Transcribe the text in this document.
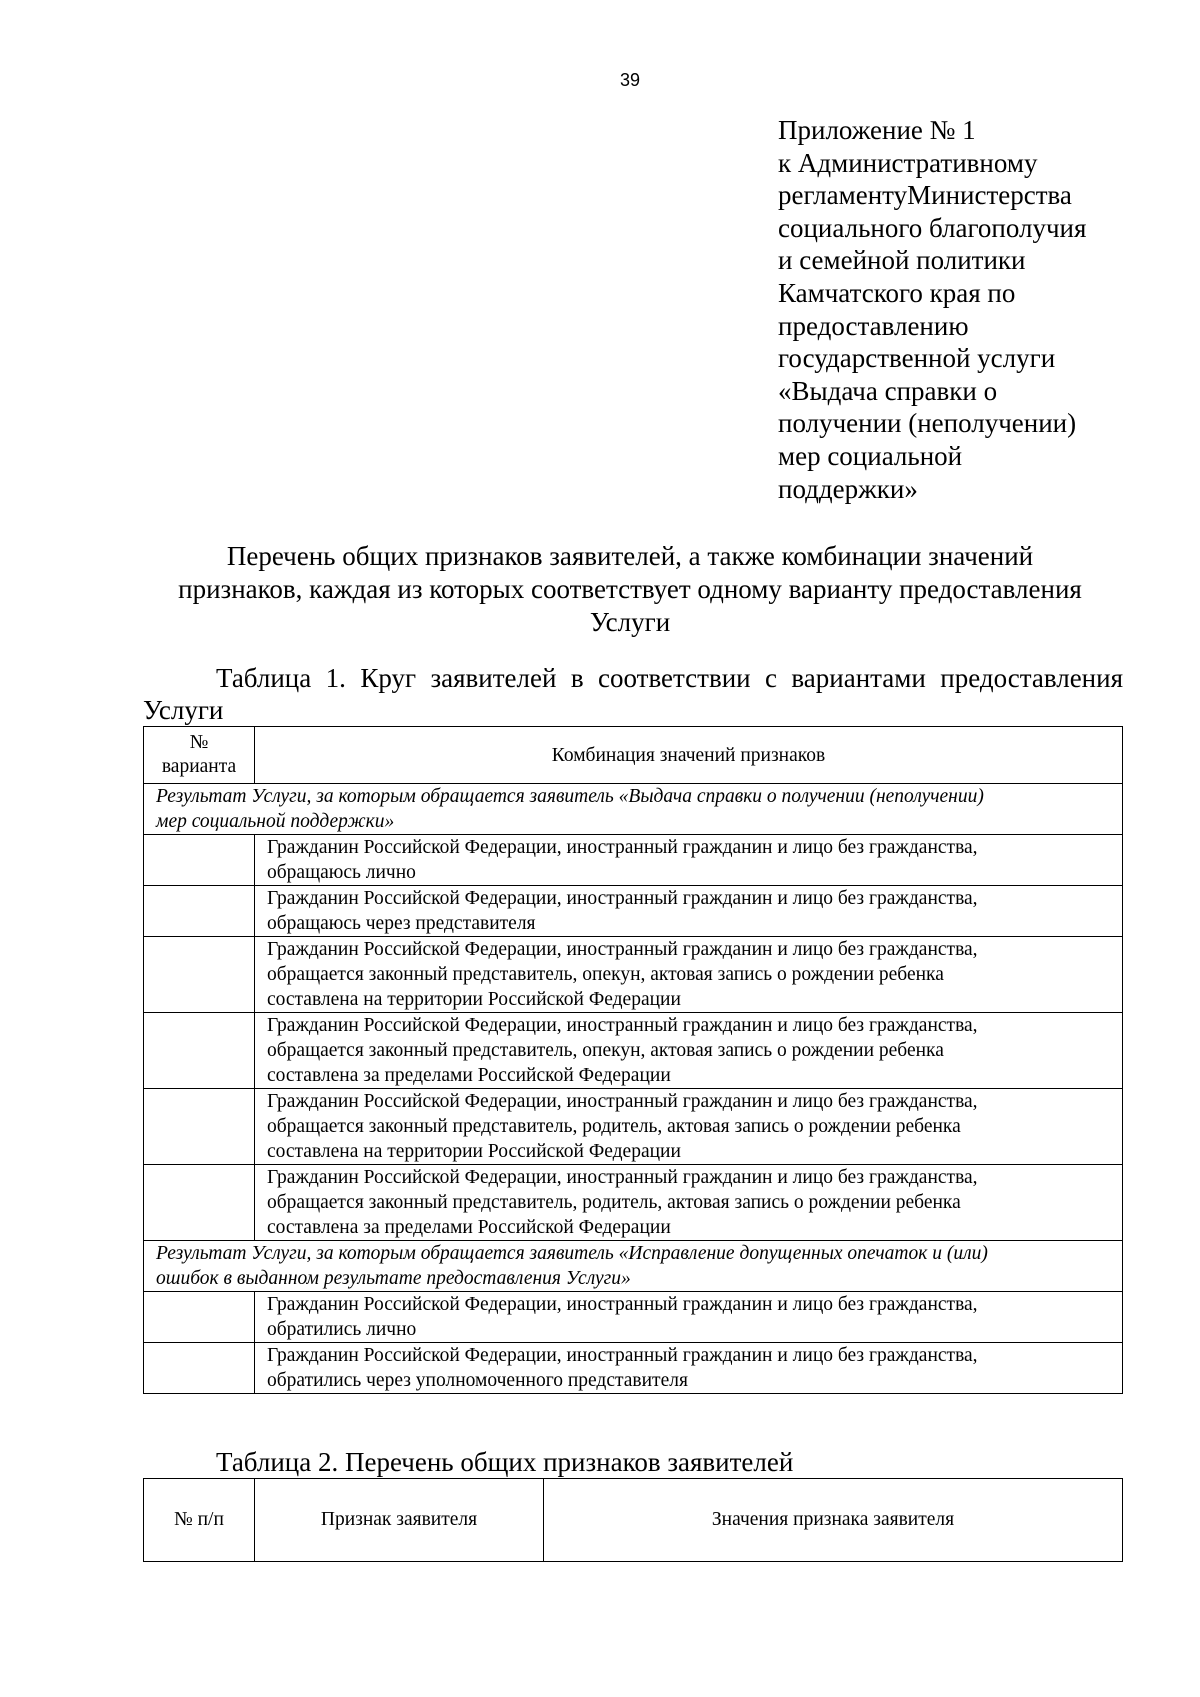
39
Приложение № 1
к Административному
регламентуМинистерства
социального благополучия
и семейной политики
Камчатского края по
предоставлению
государственной услуги
«Выдача справки о
получении (неполучении)
мер социальной
поддержки»
Перечень общих признаков заявителей, а также комбинации значений
признаков, каждая из которых соответствует одному варианту предоставления
Услуги
Таблица 1. Круг заявителей в соответствии с вариантами предоставления
Услуги
№
варианта	Комбинация значений признаков

Результат Услуги, за которым обращается заявитель «Выдача справки о получении (неполучении)
мер социальной поддержки»	

	Гражданин Российской Федерации, иностранный гражданин и лицо без гражданства,
обращаюсь лично

	Гражданин Российской Федерации, иностранный гражданин и лицо без гражданства,
обращаюсь через представителя

	Гражданин Российской Федерации, иностранный гражданин и лицо без гражданства,
обращается законный представитель, опекун, актовая запись о рождении ребенка
составлена на территории Российской Федерации

	Гражданин Российской Федерации, иностранный гражданин и лицо без гражданства,
обращается законный представитель, опекун, актовая запись о рождении ребенка
составлена за пределами Российской Федерации

	Гражданин Российской Федерации, иностранный гражданин и лицо без гражданства,
обращается законный представитель, родитель, актовая запись о рождении ребенка
составлена на территории Российской Федерации

	Гражданин Российской Федерации, иностранный гражданин и лицо без гражданства,
обращается законный представитель, родитель, актовая запись о рождении ребенка
составлена за пределами Российской Федерации

Результат Услуги, за которым обращается заявитель «Исправление допущенных опечаток и (или)
ошибок в выданном результате предоставления Услуги»	

	Гражданин Российской Федерации, иностранный гражданин и лицо без гражданства,
обратились лично

	Гражданин Российской Федерации, иностранный гражданин и лицо без гражданства,
обратились через уполномоченного представителя
Таблица 2. Перечень общих признаков заявителей
№ п/п	Признак заявителя	Значения признака заявителя
